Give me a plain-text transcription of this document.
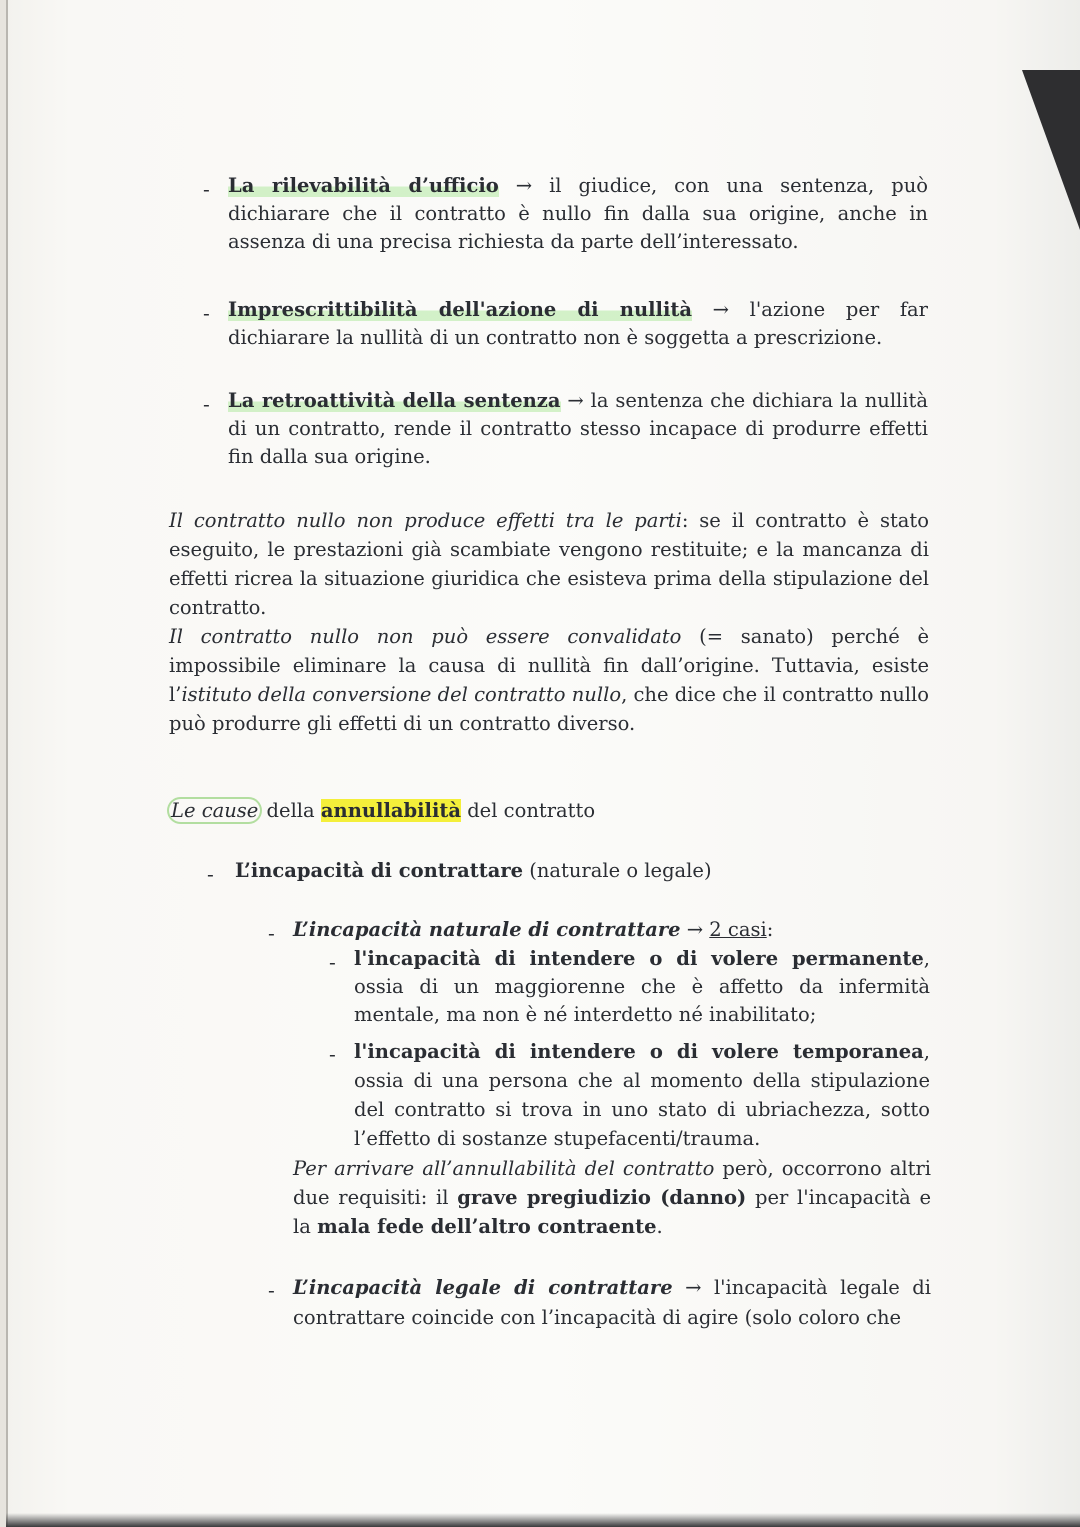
- La rilevabilità d’ufficio → il giudice, con una sentenza, può dichiarare che il contratto è nullo fin dalla sua origine, anche in assenza di una precisa richiesta da parte dell’interessato.

- Imprescrittibilità dell'azione di nullità → l'azione per far dichiarare la nullità di un contratto non è soggetta a prescrizione.

- La retroattività della sentenza → la sentenza che dichiara la nullità di un contratto, rende il contratto stesso incapace di produrre effetti fin dalla sua origine.

Il contratto nullo non produce effetti tra le parti: se il contratto è stato eseguito, le prestazioni già scambiate vengono restituite; e la mancanza di effetti ricrea la situazione giuridica che esisteva prima della stipulazione del contratto.

Il contratto nullo non può essere convalidato (= sanato) perché è impossibile eliminare la causa di nullità fin dall’origine. Tuttavia, esiste l’istituto della conversione del contratto nullo, che dice che il contratto nullo può produrre gli effetti di un contratto diverso.

Le cause della annullabilità del contratto

- L’incapacità di contrattare (naturale o legale)

- L’incapacità naturale di contrattare → 2 casi:

- l'incapacità di intendere o di volere permanente, ossia di un maggiorenne che è affetto da infermità mentale, ma non è né interdetto né inabilitato;

- l'incapacità di intendere o di volere temporanea, ossia di una persona che al momento della stipulazione del contratto si trova in uno stato di ubriachezza, sotto l’effetto di sostanze stupefacenti/trauma.

Per arrivare all’annullabilità del contratto però, occorrono altri due requisiti: il grave pregiudizio (danno) per l'incapacità e la mala fede dell’altro contraente.

- L’incapacità legale di contrattare → l'incapacità legale di contrattare coincide con l’incapacità di agire (solo coloro che
